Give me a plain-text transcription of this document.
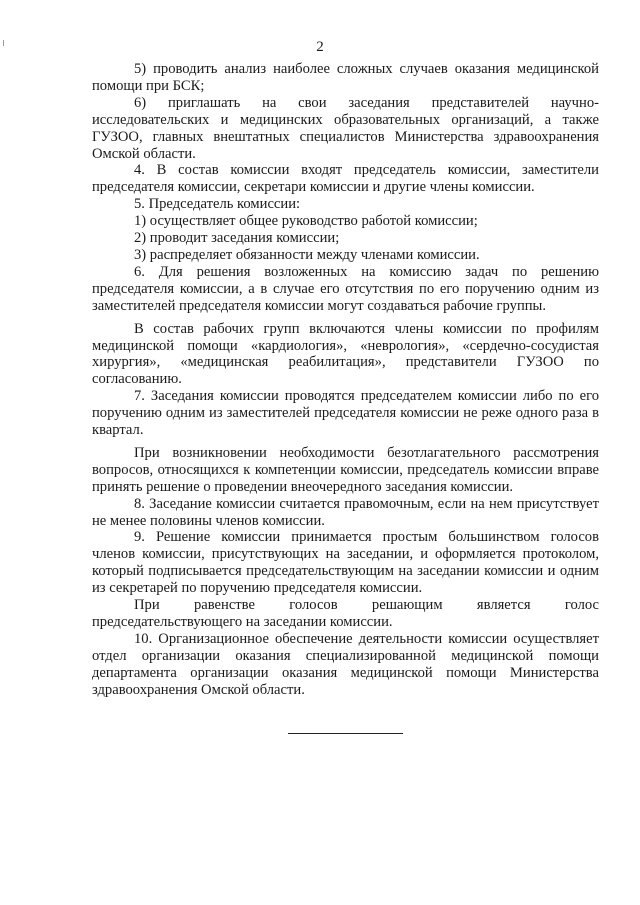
2

5) проводить анализ наиболее сложных случаев оказания медицинской помощи при БСК;

6) приглашать на свои заседания представителей научно-исследовательских и медицинских образовательных организаций, а также ГУЗОО, главных внештатных специалистов Министерства здравоохранения Омской области.

4. В состав комиссии входят председатель комиссии, заместители председателя комиссии, секретари комиссии и другие члены комиссии.

5. Председатель комиссии:

1) осуществляет общее руководство работой комиссии;

2) проводит заседания комиссии;

3) распределяет обязанности между членами комиссии.

6. Для решения возложенных на комиссию задач по решению председателя комиссии, а в случае его отсутствия по его поручению одним из заместителей председателя комиссии могут создаваться рабочие группы.

В состав рабочих групп включаются члены комиссии по профилям медицинской помощи «кардиология», «неврология», «сердечно-сосудистая хирургия», «медицинская реабилитация», представители ГУЗОО по согласованию.

7. Заседания комиссии проводятся председателем комиссии либо по его поручению одним из заместителей председателя комиссии не реже одного раза в квартал.

При возникновении необходимости безотлагательного рассмотрения вопросов, относящихся к компетенции комиссии, председатель комиссии вправе принять решение о проведении внеочередного заседания комиссии.

8. Заседание комиссии считается правомочным, если на нем присутствует не менее половины членов комиссии.

9. Решение комиссии принимается простым большинством голосов членов комиссии, присутствующих на заседании, и оформляется протоколом, который подписывается председательствующим на заседании комиссии и одним из секретарей по поручению председателя комиссии.

При равенстве голосов решающим является голос председательствующего на заседании комиссии.

10. Организационное обеспечение деятельности комиссии осуществляет отдел организации оказания специализированной медицинской помощи департамента организации оказания медицинской помощи Министерства здравоохранения Омской области.
